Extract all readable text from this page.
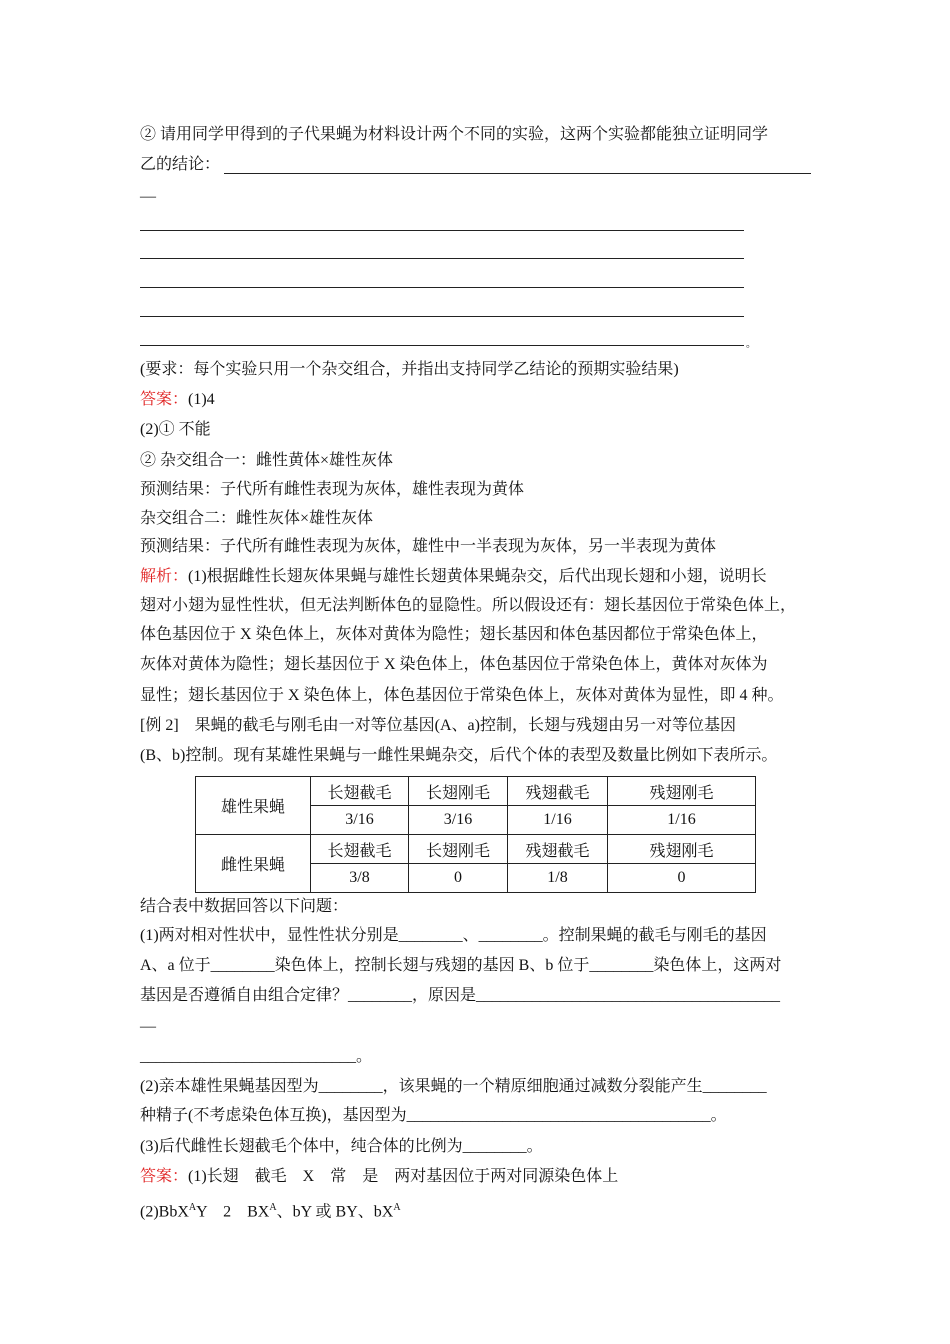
② 请用同学甲得到的子代果蝇为材料设计两个不同的实验，这两个实验都能独立证明同学
乙的结论：
—
。
(要求：每个实验只用一个杂交组合，并指出支持同学乙结论的预期实验结果)
答案：(1)4
(2)① 不能
② 杂交组合一：雌性黄体×雄性灰体
预测结果：子代所有雌性表现为灰体，雄性表现为黄体
杂交组合二：雌性灰体×雄性灰体
预测结果：子代所有雌性表现为灰体，雄性中一半表现为灰体，另一半表现为黄体
解析：(1)根据雌性长翅灰体果蝇与雄性长翅黄体果蝇杂交，后代出现长翅和小翅，说明长
翅对小翅为显性性状，但无法判断体色的显隐性。所以假设还有：翅长基因位于常染色体上，
体色基因位于 X 染色体上，灰体对黄体为隐性；翅长基因和体色基因都位于常染色体上，
灰体对黄体为隐性；翅长基因位于 X 染色体上，体色基因位于常染色体上，黄体对灰体为
显性；翅长基因位于 X 染色体上，体色基因位于常染色体上，灰体对黄体为显性，即 4 种。
[例 2]　果蝇的截毛与刚毛由一对等位基因(A、a)控制，长翅与残翅由另一对等位基因
(B、b)控制。现有某雄性果蝇与一雌性果蝇杂交，后代个体的表型及数量比例如下表所示。
雄性果蝇	长翅截毛	长翅刚毛	残翅截毛	残翅刚毛
	3/16	3/16	1/16	1/16
雌性果蝇	长翅截毛	长翅刚毛	残翅截毛	残翅刚毛
	3/8	0	1/8	0
结合表中数据回答以下问题：
(1)两对相对性状中，显性性状分别是________、________。控制果蝇的截毛与刚毛的基因
A、a 位于________染色体上，控制长翅与残翅的基因 B、b 位于________染色体上，这两对
基因是否遵循自由组合定律？________，原因是______________________________________
—
___________________________。
(2)亲本雄性果蝇基因型为________，该果蝇的一个精原细胞通过减数分裂能产生________
种精子(不考虑染色体互换)，基因型为______________________________________。
(3)后代雌性长翅截毛个体中，纯合体的比例为________。
答案：(1)长翅　截毛　X　常　是　两对基因位于两对同源染色体上
(2)BbX$^A$Y　2　$BX^A$、bY 或 BY、$bX^A$
